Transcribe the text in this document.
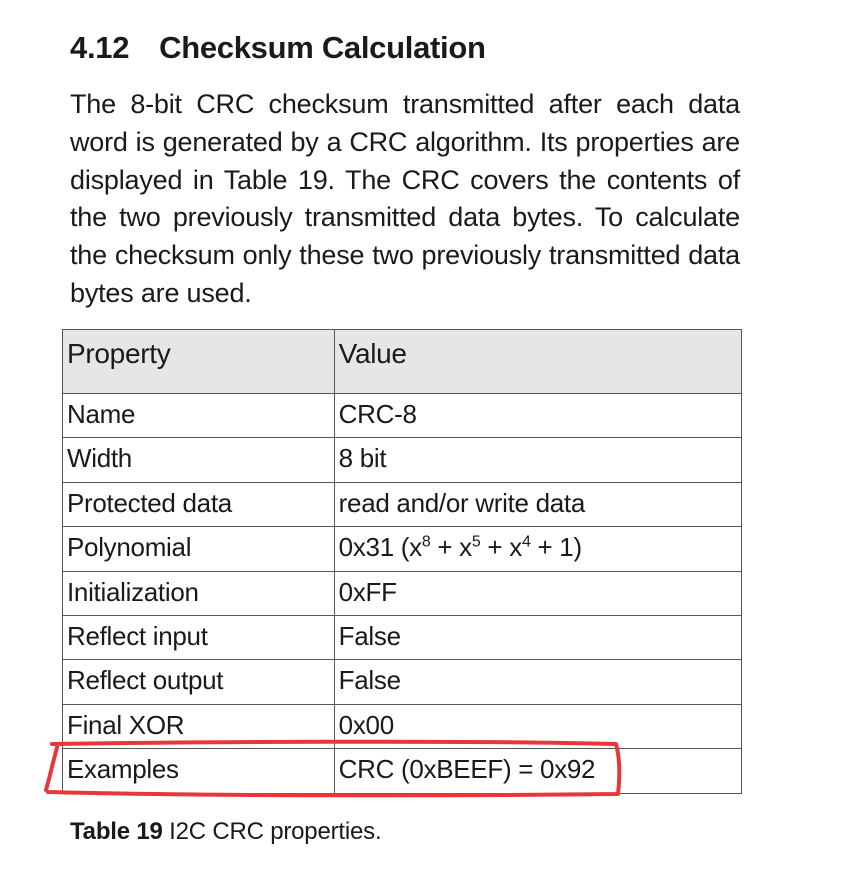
4.12 Checksum Calculation
The 8-bit CRC checksum transmitted after each data word is generated by a CRC algorithm. Its properties are displayed in Table 19. The CRC covers the contents of the two previously transmitted data bytes. To calculate the checksum only these two previously transmitted data bytes are used.
Property	Value
Name	CRC-8
Width	8 bit
Protected data	read and/or write data
Polynomial	0x31 $(x^8 + x^5 + x^4 + 1)$
Initialization	0xFF
Reflect input	False
Reflect output	False
Final XOR	0x00
Examples	CRC (0xBEEF) = 0x92
Table 19 I2C CRC properties.
